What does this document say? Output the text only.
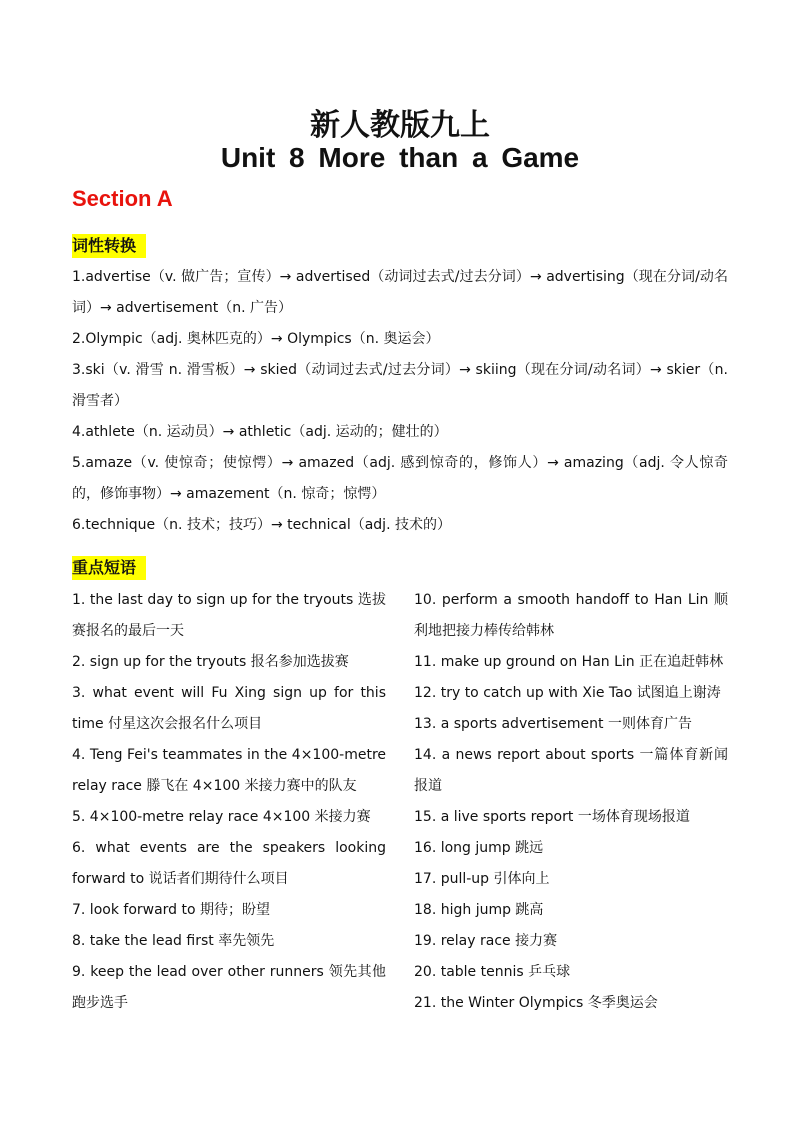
新人教版九上
Unit 8 More than a Game
Section A
词性转换

1.advertise（v. 做广告；宣传）→ advertised（动词过去式/过去分词）→ advertising（现在分词/动名词）→ advertisement（n. 广告）

2.Olympic（adj. 奥林匹克的）→ Olympics（n. 奥运会）

3.ski（v. 滑雪 n. 滑雪板）→ skied（动词过去式/过去分词）→ skiing（现在分词/动名词）→ skier（n. 滑雪者）

4.athlete（n. 运动员）→ athletic（adj. 运动的；健壮的）

5.amaze（v. 使惊奇；使惊愕）→ amazed（adj. 感到惊奇的，修饰人）→ amazing（adj. 令人惊奇的，修饰事物）→ amazement（n. 惊奇；惊愕）

6.technique（n. 技术；技巧）→ technical（adj. 技术的）

重点短语

1. the last day to sign up for the tryouts 选拔赛报名的最后一天

2. sign up for the tryouts 报名参加选拔赛

3. what event will Fu Xing sign up for this time 付星这次会报名什么项目

4. Teng Fei's teammates in the 4×100-metre relay race 滕飞在 4×100 米接力赛中的队友

5. 4×100-metre relay race 4×100 米接力赛

6. what events are the speakers looking forward to 说话者们期待什么项目

7. look forward to 期待；盼望

8. take the lead first 率先领先

9. keep the lead over other runners 领先其他跑步选手

10. perform a smooth handoff to Han Lin 顺利地把接力棒传给韩林

11. make up ground on Han Lin 正在追赶韩林

12. try to catch up with Xie Tao 试图追上谢涛

13. a sports advertisement 一则体育广告

14. a news report about sports 一篇体育新闻报道

15. a live sports report 一场体育现场报道

16. long jump 跳远

17. pull-up 引体向上

18. high jump 跳高

19. relay race 接力赛

20. table tennis 乒乓球

21. the Winter Olympics 冬季奥运会
